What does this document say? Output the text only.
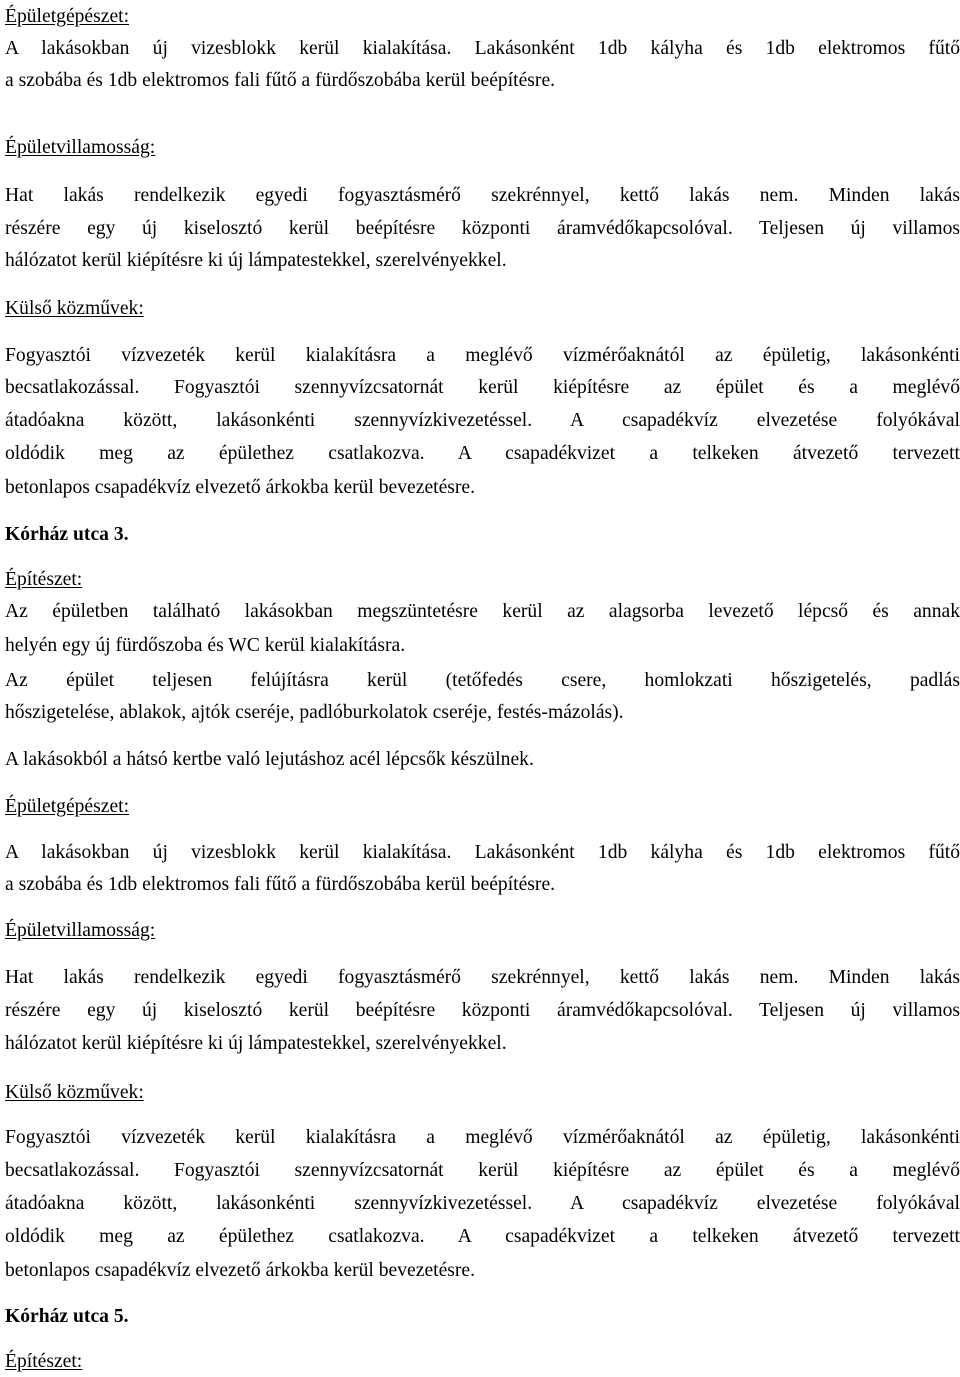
Épületgépészet:
A lakásokban új vizesblokk kerül kialakítása. Lakásonként 1db kályha és 1db elektromos fűtő
a szobába és 1db elektromos fali fűtő a fürdőszobába kerül beépítésre.
Épületvillamosság:
Hat lakás rendelkezik egyedi fogyasztásmérő szekrénnyel, kettő lakás nem. Minden lakás
részére egy új kiselosztó kerül beépítésre központi áramvédőkapcsolóval. Teljesen új villamos
hálózatot kerül kiépítésre ki új lámpatestekkel, szerelvényekkel.
Külső közművek:
Fogyasztói vízvezeték kerül kialakításra a meglévő vízmérőaknától az épületig, lakásonkénti
becsatlakozással. Fogyasztói szennyvízcsatornát kerül kiépítésre az épület és a meglévő
átadóakna között, lakásonkénti szennyvízkivezetéssel. A csapadékvíz elvezetése folyókával
oldódik meg az épülethez csatlakozva. A csapadékvizet a telkeken átvezető tervezett
betonlapos csapadékvíz elvezető árkokba kerül bevezetésre.
Kórház utca 3.
Építészet:
Az épületben található lakásokban megszüntetésre kerül az alagsorba levezető lépcső és annak
helyén egy új fürdőszoba és WC kerül kialakításra.
Az épület teljesen felújításra kerül (tetőfedés csere, homlokzati hőszigetelés, padlás
hőszigetelése, ablakok, ajtók cseréje, padlóburkolatok cseréje, festés-mázolás).
A lakásokból a hátsó kertbe való lejutáshoz acél lépcsők készülnek.
Épületgépészet:
A lakásokban új vizesblokk kerül kialakítása. Lakásonként 1db kályha és 1db elektromos fűtő
a szobába és 1db elektromos fali fűtő a fürdőszobába kerül beépítésre.
Épületvillamosság:
Hat lakás rendelkezik egyedi fogyasztásmérő szekrénnyel, kettő lakás nem. Minden lakás
részére egy új kiselosztó kerül beépítésre központi áramvédőkapcsolóval. Teljesen új villamos
hálózatot kerül kiépítésre ki új lámpatestekkel, szerelvényekkel.
Külső közművek:
Fogyasztói vízvezeték kerül kialakításra a meglévő vízmérőaknától az épületig, lakásonkénti
becsatlakozással. Fogyasztói szennyvízcsatornát kerül kiépítésre az épület és a meglévő
átadóakna között, lakásonkénti szennyvízkivezetéssel. A csapadékvíz elvezetése folyókával
oldódik meg az épülethez csatlakozva. A csapadékvizet a telkeken átvezető tervezett
betonlapos csapadékvíz elvezető árkokba kerül bevezetésre.
Kórház utca 5.
Építészet:
